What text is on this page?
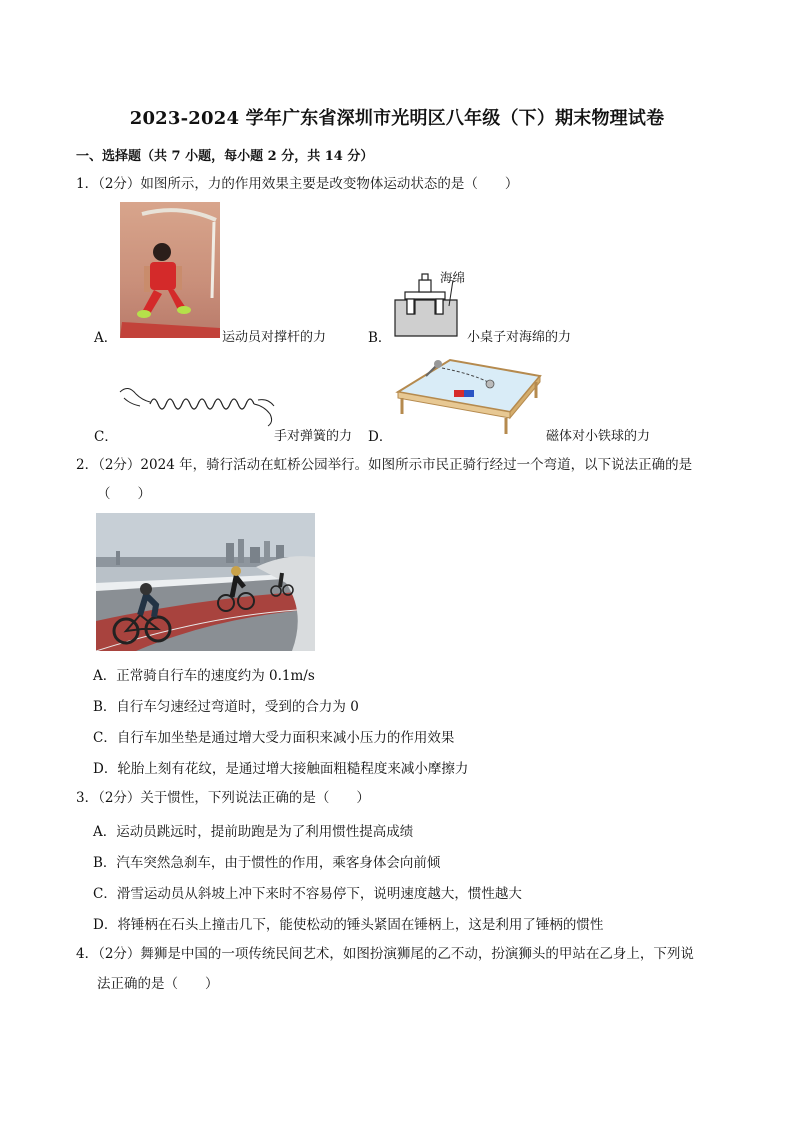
2023-2024 学年广东省深圳市光明区八年级（下）期末物理试卷
一、选择题（共 7 小题，每小题 2 分，共 14 分）
1．（2分）如图所示，力的作用效果主要是改变物体运动状态的是（　　）
A．	运动员对撑杆的力	B．
海绵
小桌子对海绵的力
C．	手对弹簧的力 D．	磁体对小铁球的力
2．（2分）2024 年，骑行活动在虹桥公园举行。如图所示市民正骑行经过一个弯道，以下说法正确的是
（　　）
A．正常骑自行车的速度约为 0.1m/s
B．自行车匀速经过弯道时，受到的合力为 0
C．自行车加坐垫是通过增大受力面积来减小压力的作用效果
D．轮胎上刻有花纹，是通过增大接触面粗糙程度来减小摩擦力
3．（2分）关于惯性，下列说法正确的是（　　）
A．运动员跳远时，提前助跑是为了利用惯性提高成绩
B．汽车突然急刹车，由于惯性的作用，乘客身体会向前倾
C．滑雪运动员从斜坡上冲下来时不容易停下，说明速度越大，惯性越大
D．将锤柄在石头上撞击几下，能使松动的锤头紧固在锤柄上，这是利用了锤柄的惯性
4．（2分）舞狮是中国的一项传统民间艺术，如图扮演狮尾的乙不动，扮演狮头的甲站在乙身上，下列说
法正确的是（　　）
